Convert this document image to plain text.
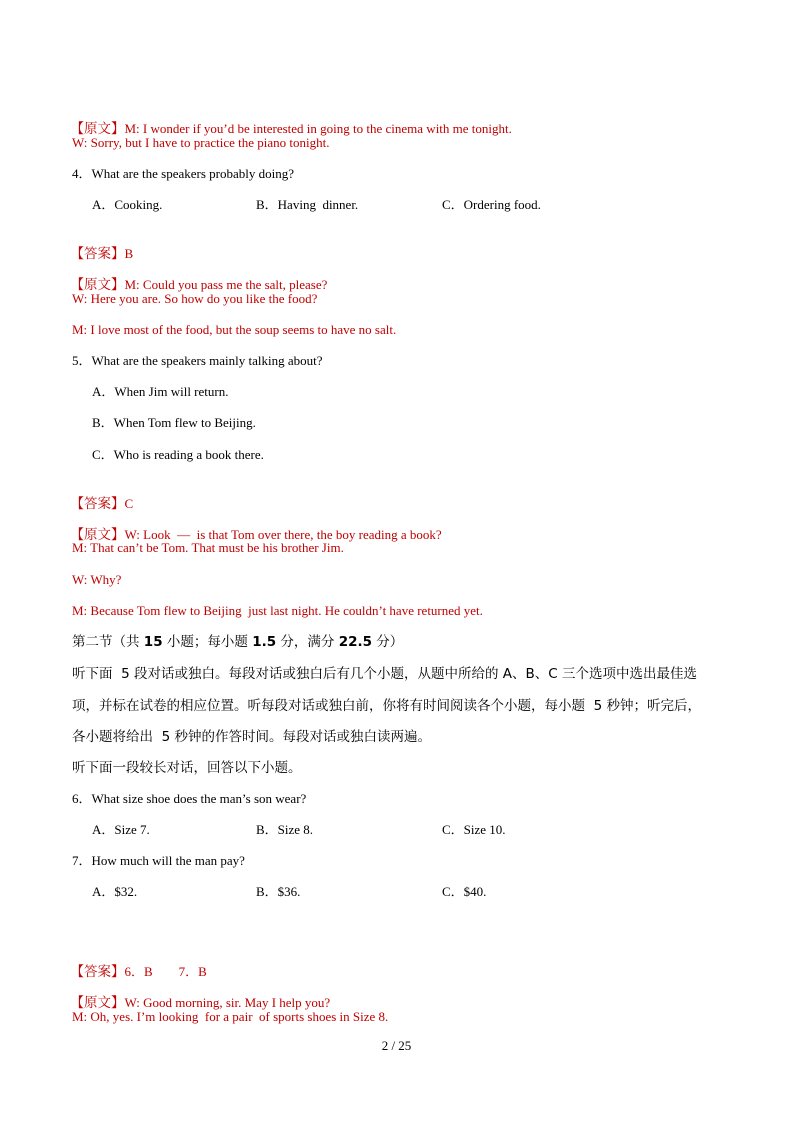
【原文】M: I wonder if you’d be interested in going to the cinema with me tonight.

W: Sorry, but I have to practice the piano tonight.
4．What are the speakers probably doing?
A．Cooking.	B．Having  dinner.	C．Ordering food.

【答案】B

【原文】M: Could you pass me the salt, please?

W: Here you are. So how do you like the food?
M: I love most of the food, but the soup seems to have no salt.
5．What are the speakers mainly talking about?
A．When Jim will return.
B．When Tom flew to Beijing.
C．Who is reading a book there.

【答案】C

【原文】W: Look  —  is that Tom over there, the boy reading a book?

M: That can’t be Tom. That must be his brother Jim.
W: Why?
M: Because Tom flew to Beijing  just last night. He couldn’t have returned yet.
第二节（共 15 小题；每小题 1.5 分，满分 22.5 分）
听下面  5 段对话或独白。每段对话或独白后有几个小题，从题中所给的 A、B、C 三个选项中选出最佳选
项，并标在试卷的相应位置。听每段对话或独白前，你将有时间阅读各个小题，每小题  5 秒钟；听完后，
各小题将给出  5 秒钟的作答时间。每段对话或独白读两遍。
听下面一段较长对话，回答以下小题。
6．What size shoe does the man’s son wear?
A．Size 7.	B．Size 8.	C．Size 10.
7．How much will the man pay?
A．$32.	B．$36.	C．$40.

【答案】6．B        7．B

【原文】W: Good morning, sir. May I help you?

M: Oh, yes. I’m looking  for a pair  of sports shoes in Size 8.
2 / 25
